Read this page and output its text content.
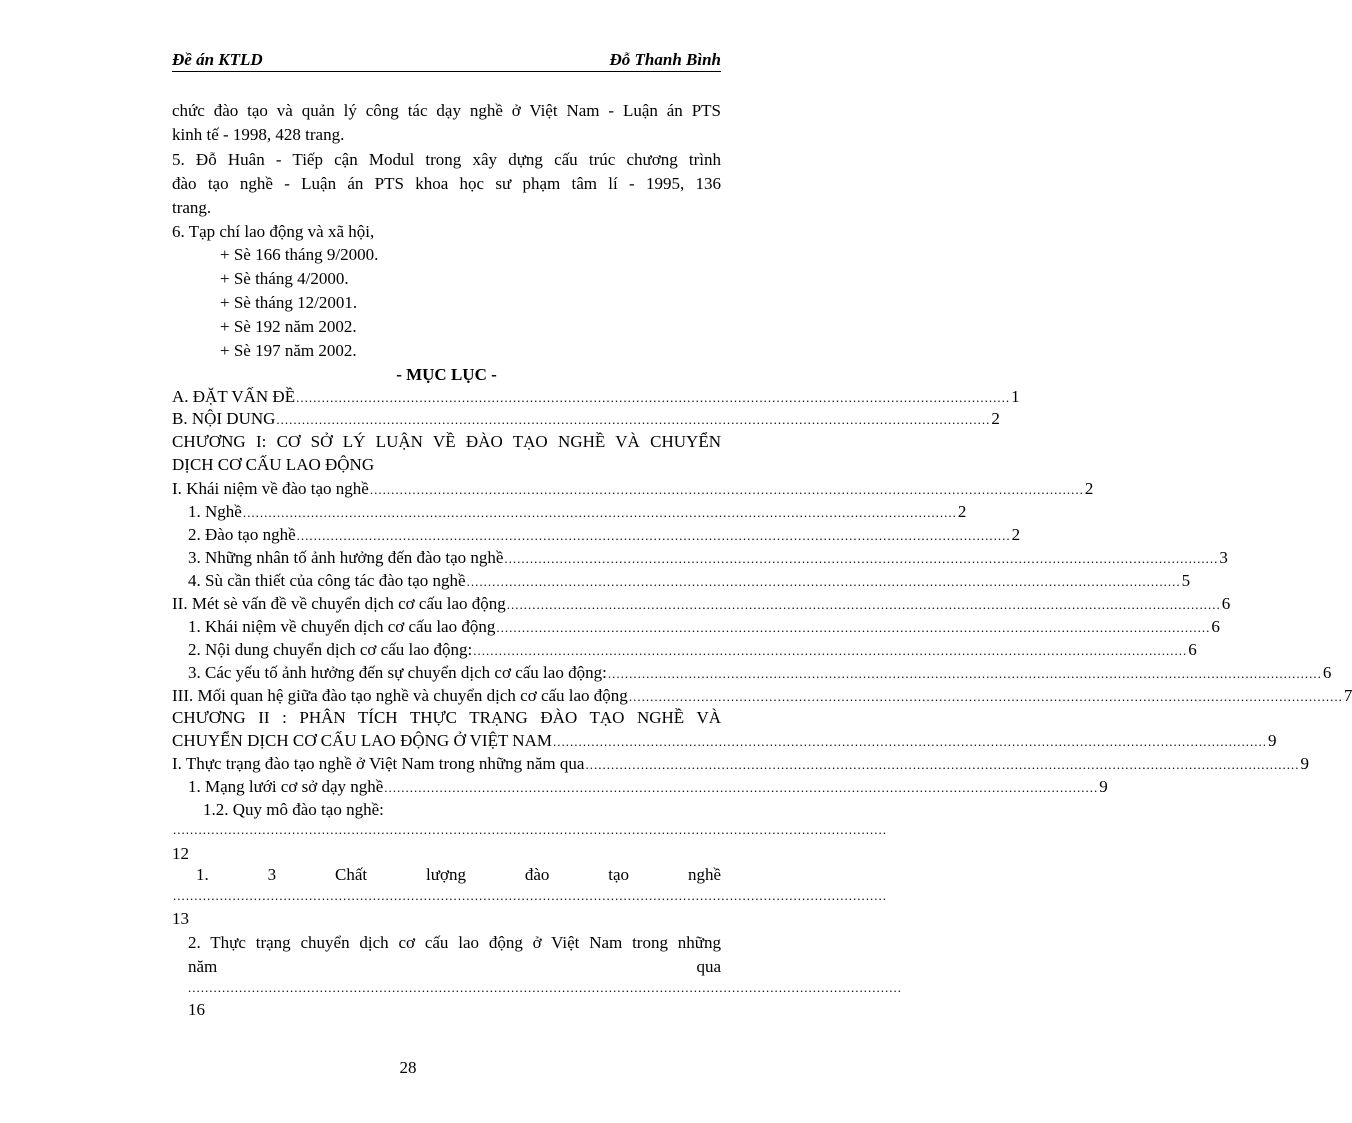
Đề án KTLD	Đỗ Thanh Bình
chức đào tạo và quản lý công tác dạy nghề ở Việt Nam - Luận án PTS
kinh tế - 1998, 428 trang.
5. Đỗ Huân - Tiếp cận Modul trong xây dựng cấu trúc chương trình
đào tạo nghề - Luận án PTS khoa học sư phạm tâm lí - 1995, 136
trang.
6. Tạp chí lao động và xã hội,
+ Sè 166 tháng 9/2000.
+ Sè tháng 4/2000.
+ Sè tháng 12/2001.
+ Sè 192 năm 2002.
+ Sè 197 năm 2002.
- MỤC LỤC -
A. ĐẶT VẤN ĐỀ ........................................................................................................................................................................ 1
B. NỘI DUNG ........................................................................................................................................................................ 2
CHƯƠNG I: CƠ SỞ LÝ LUẬN VỀ ĐÀO TẠO NGHỀ VÀ CHUYỂN
DỊCH CƠ CẤU LAO ĐỘNG
I. Khái niệm về đào tạo nghề ........................................................................................................................................................................ 2
1. Nghề ........................................................................................................................................................................ 2
2. Đào tạo nghề ........................................................................................................................................................................ 2
3. Những nhân tố ảnh hưởng đến đào tạo nghề ........................................................................................................................................................................ 3
4. Sù cần thiết của công tác đào tạo nghề ........................................................................................................................................................................ 5
II. Mét sè vấn đề về chuyển dịch cơ cấu lao động ........................................................................................................................................................................ 6
1. Khái niệm về chuyển dịch cơ cấu lao động ........................................................................................................................................................................ 6
2. Nội dung chuyển dịch cơ cấu lao động: ........................................................................................................................................................................ 6
3. Các yếu tố ảnh hưởng đến sự chuyển dịch cơ cấu lao động: ........................................................................................................................................................................ 6
III. Mối quan hệ giữa đào tạo nghề và chuyển dịch cơ cấu lao động ........................................................................................................................................................................ 7
CHƯƠNG II : PHÂN TÍCH THỰC TRẠNG ĐÀO TẠO NGHỀ VÀ
CHUYỂN DỊCH CƠ CẤU LAO ĐỘNG Ở VIỆT NAM ........................................................................................................................................................................ 9
I. Thực trạng đào tạo nghề ở Việt Nam trong những năm qua ........................................................................................................................................................................ 9
1. Mạng lưới cơ sở dạy nghề ........................................................................................................................................................................ 9
1.2. Quy mô đào tạo nghề:
........................................................................................................................................................................
12
1. 3 Chất lượng đào tạo nghề
........................................................................................................................................................................
13
2. Thực trạng chuyển dịch cơ cấu lao động ở Việt Nam trong những
năm qua
........................................................................................................................................................................
16
28
